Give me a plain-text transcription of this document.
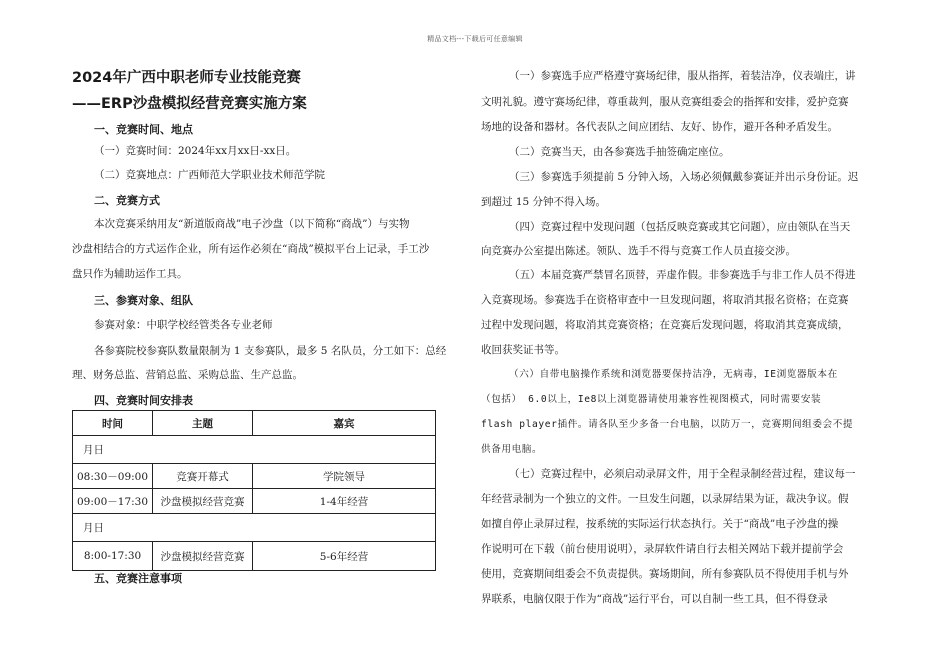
精品文档---下载后可任意编辑
2024年广西中职老师专业技能竞赛
——ERP沙盘模拟经营竞赛实施方案
一、竞赛时间、地点
（一）竞赛时间：2024年xx月xx日-xx日。
（二）竞赛地点：广西师范大学职业技术师范学院
二、竞赛方式
本次竞赛采纳用友“新道版商战”电子沙盘（以下简称“商战”）与实物
沙盘相结合的方式运作企业，所有运作必须在“商战”模拟平台上记录，手工沙
盘只作为辅助运作工具。
三、参赛对象、组队
参赛对象：中职学校经管类各专业老师
各参赛院校参赛队数量限制为 1 支参赛队，最多 5 名队员，分工如下：总经
理、财务总监、营销总监、采购总监、生产总监。
四、竞赛时间安排表
五、竞赛注意事项
时间	主题	嘉宾
月日		
08:30－09:00	竞赛开幕式	学院领导
09:00－17:30	沙盘模拟经营竞赛	1-4年经营
月日		
8:00-17:30	沙盘模拟经营竞赛	5-6年经营
（一）参赛选手应严格遵守赛场纪律，服从指挥，着装洁净，仪表端庄，讲
文明礼貌。遵守赛场纪律，尊重裁判，服从竞赛组委会的指挥和安排，爱护竞赛
场地的设备和器材。各代表队之间应团结、友好、协作，避开各种矛盾发生。
（二）竞赛当天，由各参赛选手抽签确定座位。
（三）参赛选手须提前 5 分钟入场，入场必须佩戴参赛证并出示身份证。迟
到超过 15 分钟不得入场。
（四）竞赛过程中发现问题（包括反映竞赛或其它问题），应由领队在当天
向竞赛办公室提出陈述。领队、选手不得与竞赛工作人员直接交涉。
（五）本届竞赛严禁冒名顶替，弄虚作假。非参赛选手与非工作人员不得进
入竞赛现场。参赛选手在资格审查中一旦发现问题，将取消其报名资格；在竞赛
过程中发现问题，将取消其竞赛资格；在竞赛后发现问题，将取消其竞赛成绩，
收回获奖证书等。
（六）自带电脑操作系统和浏览器要保持洁净，无病毒，IE浏览器版本在
（包括） 6.0以上，Ie8以上浏览器请使用兼容性视图模式，同时需要安装
flash player插件。请各队至少多备一台电脑，以防万一，竞赛期间组委会不提
供备用电脑。
（七）竞赛过程中，必须启动录屏文件，用于全程录制经营过程，建议每一
年经营录制为一个独立的文件。一旦发生问题，以录屏结果为证，裁决争议。假
如擅自停止录屏过程，按系统的实际运行状态执行。关于“商战”电子沙盘的操
作说明可在下载（前台使用说明），录屏软件请自行去相关网站下载并提前学会
使用，竞赛期间组委会不负责提供。赛场期间，所有参赛队员不得使用手机与外
界联系，电脑仅限于作为“商战”运行平台，可以自制一些工具，但不得登录
